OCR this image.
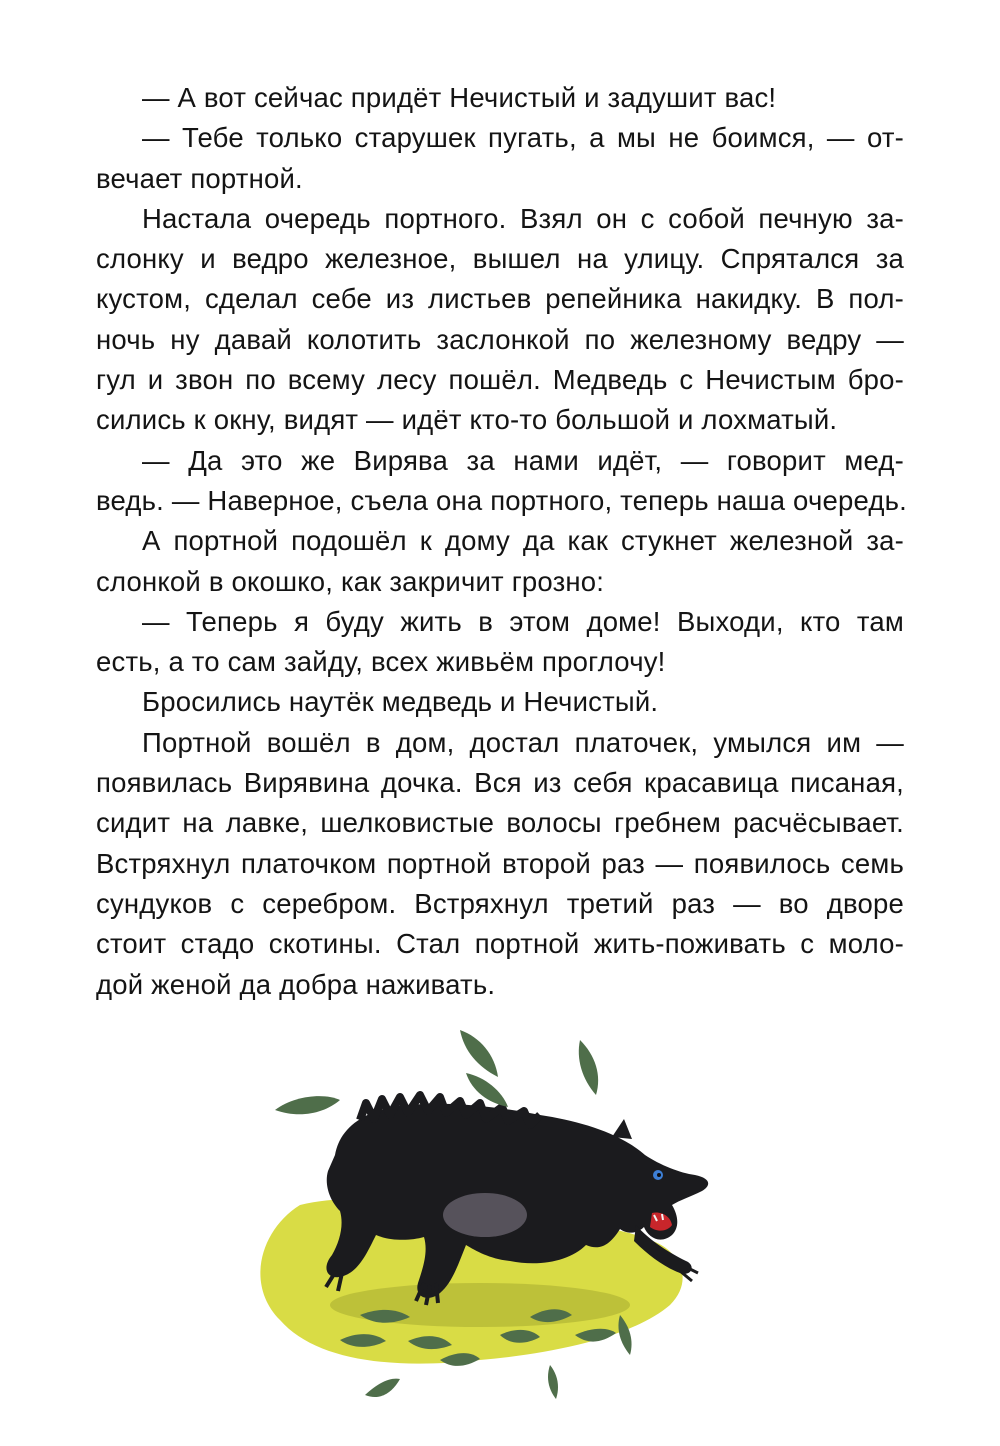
— А вот сейчас придёт Нечистый и задушит вас!

— Тебе только старушек пугать, а мы не боимся, — от-
вечает портной.

Настала очередь портного. Взял он с собой печную за-
слонку и ведро железное, вышел на улицу. Спрятался за
кустом, сделал себе из листьев репейника накидку. В пол-
ночь ну давай колотить заслонкой по железному ведру —
гул и звон по всему лесу пошёл. Медведь с Нечистым бро-
сились к окну, видят — идёт кто-то большой и лохматый.

— Да это же Вирява за нами идёт, — говорит мед-
ведь. — Наверное, съела она портного, теперь наша очередь.

А портной подошёл к дому да как стукнет железной за-
слонкой в окошко, как закричит грозно:

— Теперь я буду жить в этом доме! Выходи, кто там
есть, а то сам зайду, всех живьём проглочу!

Бросились наутёк медведь и Нечистый.

Портной вошёл в дом, достал платочек, умылся им —
появилась Вирявина дочка. Вся из себя красавица писаная,
сидит на лавке, шелковистые волосы гребнем расчёсывает.
Встряхнул платочком портной второй раз — появилось семь
сундуков с серебром. Встряхнул третий раз — во дворе
стоит стадо скотины. Стал портной жить-поживать с моло-
дой женой да добра наживать.
